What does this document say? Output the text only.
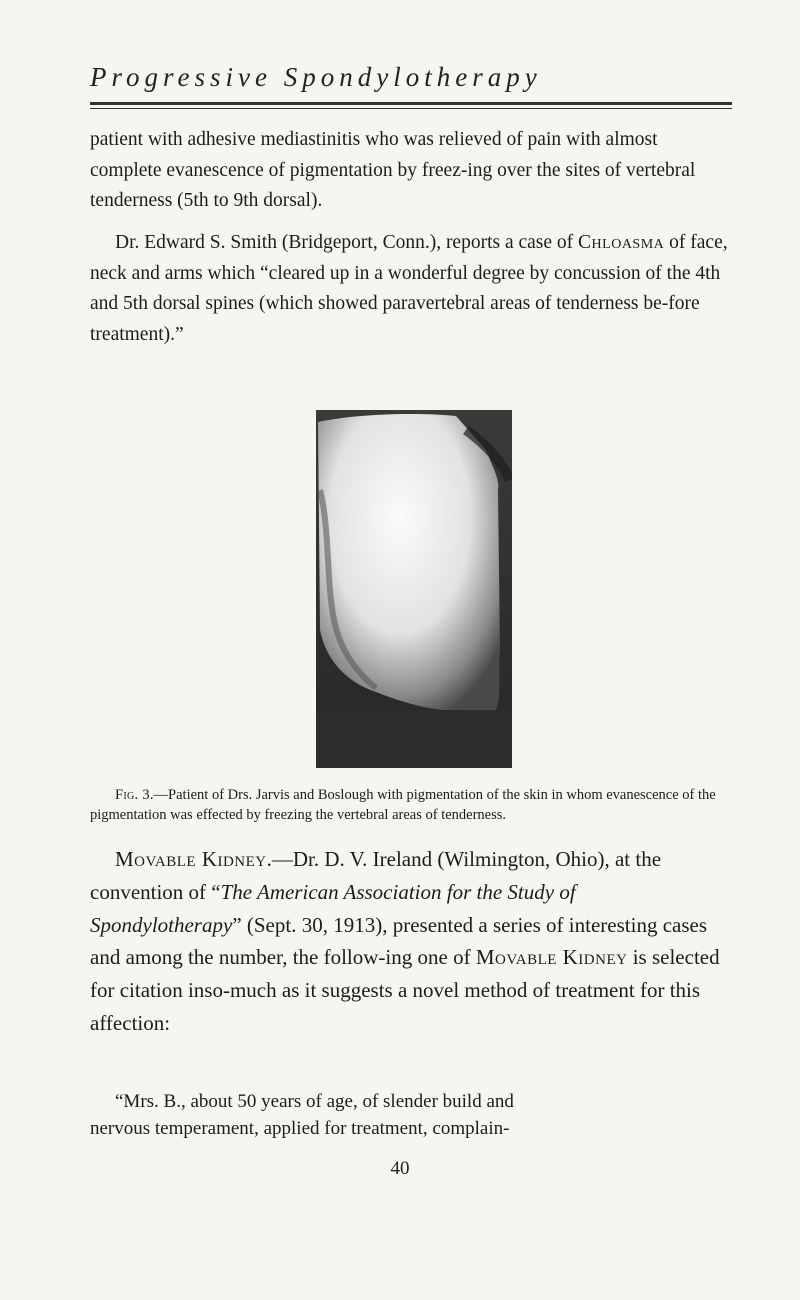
Progressive Spondylotherapy

patient with adhesive mediastinitis who was relieved of pain with almost complete evanescence of pigmentation by freez-ing over the sites of vertebral tenderness (5th to 9th dorsal).

Dr. Edward S. Smith (Bridgeport, Conn.), reports a case of Chloasma of face, neck and arms which “cleared up in a wonderful degree by concussion of the 4th and 5th dorsal spines (which showed paravertebral areas of tenderness be-fore treatment).”

Fig. 3.—Patient of Drs. Jarvis and Boslough with pigmentation of the skin in whom evanescence of the pigmentation was effected by freezing the vertebral areas of tenderness.

Movable Kidney.—Dr. D. V. Ireland (Wilmington, Ohio), at the convention of “The American Association for the Study of Spondylotherapy” (Sept. 30, 1913), presented a series of interesting cases and among the number, the follow-ing one of Movable Kidney is selected for citation inso-much as it suggests a novel method of treatment for this affection:

“Mrs. B., about 50 years of age, of slender build and
nervous temperament, applied for treatment, complain-

40
